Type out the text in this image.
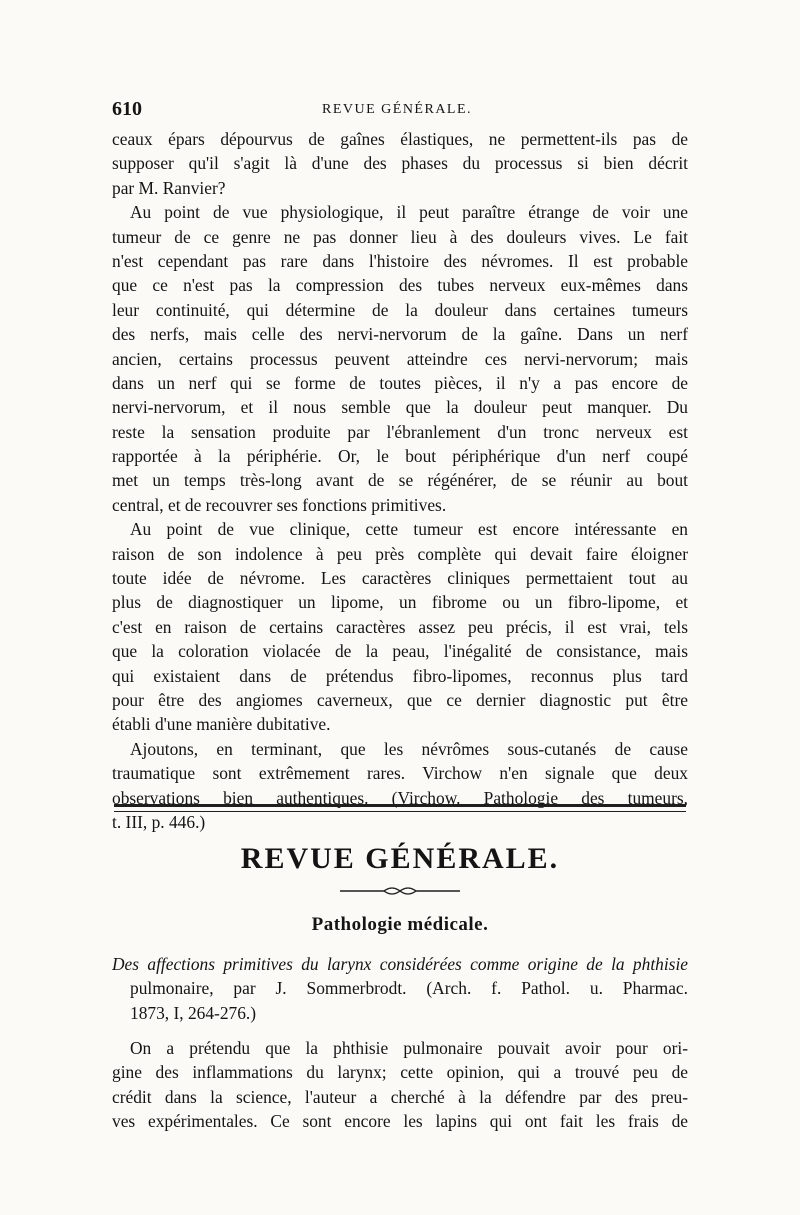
610	REVUE GÉNÉRALE.
ceaux épars dépourvus de gaînes élastiques, ne permettent-ils pas de
supposer qu'il s'agit là d'une des phases du processus si bien décrit
par M. Ranvier?
Au point de vue physiologique, il peut paraître étrange de voir une
tumeur de ce genre ne pas donner lieu à des douleurs vives. Le fait
n'est cependant pas rare dans l'histoire des névromes. Il est probable
que ce n'est pas la compression des tubes nerveux eux-mêmes dans
leur continuité, qui détermine de la douleur dans certaines tumeurs
des nerfs, mais celle des nervi-nervorum de la gaîne. Dans un nerf
ancien, certains processus peuvent atteindre ces nervi-nervorum; mais
dans un nerf qui se forme de toutes pièces, il n'y a pas encore de
nervi-nervorum, et il nous semble que la douleur peut manquer. Du
reste la sensation produite par l'ébranlement d'un tronc nerveux est
rapportée à la périphérie. Or, le bout périphérique d'un nerf coupé
met un temps très-long avant de se régénérer, de se réunir au bout
central, et de recouvrer ses fonctions primitives.
Au point de vue clinique, cette tumeur est encore intéressante en
raison de son indolence à peu près complète qui devait faire éloigner
toute idée de névrome. Les caractères cliniques permettaient tout au
plus de diagnostiquer un lipome, un fibrome ou un fibro-lipome, et
c'est en raison de certains caractères assez peu précis, il est vrai, tels
que la coloration violacée de la peau, l'inégalité de consistance, mais
qui existaient dans de prétendus fibro-lipomes, reconnus plus tard
pour être des angiomes caverneux, que ce dernier diagnostic put être
établi d'une manière dubitative.
Ajoutons, en terminant, que les névrômes sous-cutanés de cause
traumatique sont extrêmement rares. Virchow n'en signale que deux
observations bien authentiques. (Virchow. Pathologie des tumeurs,
t. III, p. 446.)
REVUE GÉNÉRALE.
Pathologie médicale.
Des affections primitives du larynx considérées comme origine de la phthisie
pulmonaire, par J. Sommerbrodt. (Arch. f. Pathol. u. Pharmac.
1873, I, 264-276.)
On a prétendu que la phthisie pulmonaire pouvait avoir pour ori-
gine des inflammations du larynx; cette opinion, qui a trouvé peu de
crédit dans la science, l'auteur a cherché à la défendre par des preu-
ves expérimentales. Ce sont encore les lapins qui ont fait les frais de
